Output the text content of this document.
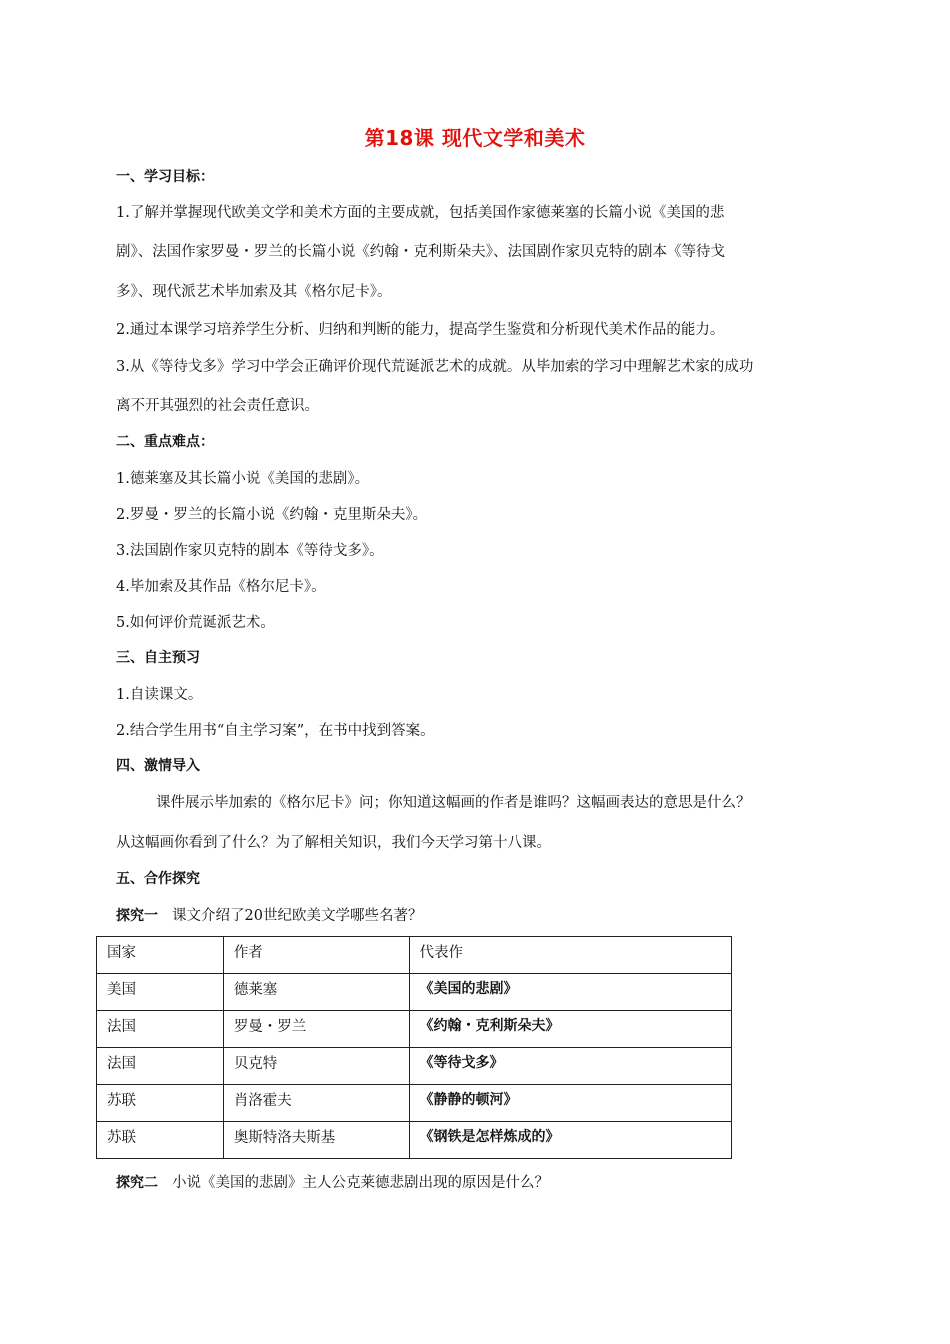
第18课 现代文学和美术
一、学习目标：
1.了解并掌握现代欧美文学和美术方面的主要成就，包括美国作家德莱塞的长篇小说《美国的悲
剧》、法国作家罗曼・罗兰的长篇小说《约翰・克利斯朵夫》、法国剧作家贝克特的剧本《等待戈
多》、现代派艺术毕加索及其《格尔尼卡》。
2.通过本课学习培养学生分析、归纳和判断的能力，提高学生鉴赏和分析现代美术作品的能力。
3.从《等待戈多》学习中学会正确评价现代荒诞派艺术的成就。从毕加索的学习中理解艺术家的成功
离不开其强烈的社会责任意识。
二、重点难点：
1.德莱塞及其长篇小说《美国的悲剧》。
2.罗曼・罗兰的长篇小说《约翰・克里斯朵夫》。
3.法国剧作家贝克特的剧本《等待戈多》。
4.毕加索及其作品《格尔尼卡》。
5.如何评价荒诞派艺术。
三、自主预习
1.自读课文。
2.结合学生用书“自主学习案”，在书中找到答案。
四、激情导入
课件展示毕加索的《格尔尼卡》问；你知道这幅画的作者是谁吗？这幅画表达的意思是什么？
从这幅画你看到了什么？为了解相关知识，我们今天学习第十八课。
五、合作探究
探究一 课文介绍了20世纪欧美文学哪些名著？
国家	作者	代表作
美国	德莱塞	《美国的悲剧》
法国	罗曼・罗兰	《约翰・克利斯朵夫》
法国	贝克特	《等待戈多》
苏联	肖洛霍夫	《静静的顿河》
苏联	奥斯特洛夫斯基	《钢铁是怎样炼成的》
探究二 小说《美国的悲剧》主人公克莱德悲剧出现的原因是什么？
